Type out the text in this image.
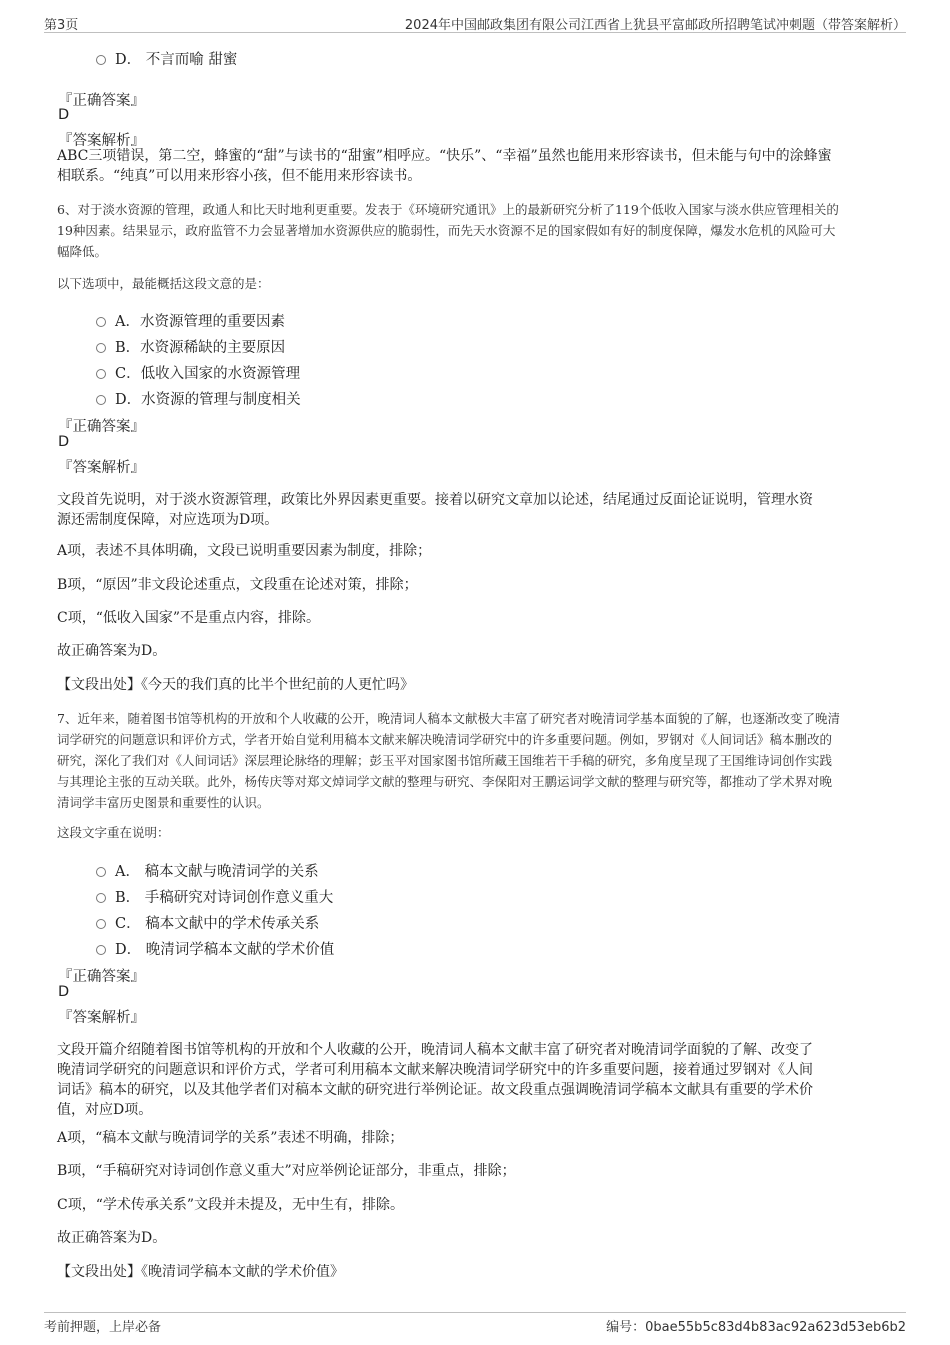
第3页	2024年中国邮政集团有限公司江西省上犹县平富邮政所招聘笔试冲刺题（带答案解析）
D． 不言而喻 甜蜜
『正确答案』
D
『答案解析』
ABC三项错误，第二空，蜂蜜的“甜”与读书的“甜蜜”相呼应。“快乐”、“幸福”虽然也能用来形容读书，但未能与句中的涂蜂蜜
相联系。“纯真”可以用来形容小孩，但不能用来形容读书。
6、对于淡水资源的管理，政通人和比天时地利更重要。发表于《环境研究通讯》上的最新研究分析了119个低收入国家与淡水供应管理相关的
19种因素。结果显示，政府监管不力会显著增加水资源供应的脆弱性，而先天水资源不足的国家假如有好的制度保障，爆发水危机的风险可大
幅降低。
以下选项中，最能概括这段文意的是：
A．水资源管理的重要因素
B．水资源稀缺的主要原因
C．低收入国家的水资源管理
D．水资源的管理与制度相关
『正确答案』
D
『答案解析』
文段首先说明，对于淡水资源管理，政策比外界因素更重要。接着以研究文章加以论述，结尾通过反面论证说明，管理水资
源还需制度保障，对应选项为D项。
A项，表述不具体明确，文段已说明重要因素为制度，排除；
B项，“原因”非文段论述重点，文段重在论述对策，排除；
C项，“低收入国家”不是重点内容，排除。
故正确答案为D。
【文段出处】《今天的我们真的比半个世纪前的人更忙吗》
7、近年来，随着图书馆等机构的开放和个人收藏的公开，晚清词人稿本文献极大丰富了研究者对晚清词学基本面貌的了解，也逐渐改变了晚清
词学研究的问题意识和评价方式，学者开始自觉利用稿本文献来解决晚清词学研究中的许多重要问题。例如，罗钢对《人间词话》稿本删改的
研究，深化了我们对《人间词话》深层理论脉络的理解；彭玉平对国家图书馆所藏王国维若干手稿的研究，多角度呈现了王国维诗词创作实践
与其理论主张的互动关联。此外，杨传庆等对郑文焯词学文献的整理与研究、李保阳对王鹏运词学文献的整理与研究等，都推动了学术界对晚
清词学丰富历史图景和重要性的认识。
这段文字重在说明：
A． 稿本文献与晚清词学的关系
B． 手稿研究对诗词创作意义重大
C． 稿本文献中的学术传承关系
D． 晚清词学稿本文献的学术价值
『正确答案』
D
『答案解析』
文段开篇介绍随着图书馆等机构的开放和个人收藏的公开，晚清词人稿本文献丰富了研究者对晚清词学面貌的了解、改变了
晚清词学研究的问题意识和评价方式，学者可利用稿本文献来解决晚清词学研究中的许多重要问题，接着通过罗钢对《人间
词话》稿本的研究，以及其他学者们对稿本文献的研究进行举例论证。故文段重点强调晚清词学稿本文献具有重要的学术价
值，对应D项。
A项，“稿本文献与晚清词学的关系”表述不明确，排除；
B项，“手稿研究对诗词创作意义重大”对应举例论证部分，非重点，排除；
C项，“学术传承关系”文段并未提及，无中生有，排除。
故正确答案为D。
【文段出处】《晚清词学稿本文献的学术价值》
考前押题，上岸必备	编号：0bae55b5c83d4b83ac92a623d53eb6b2
